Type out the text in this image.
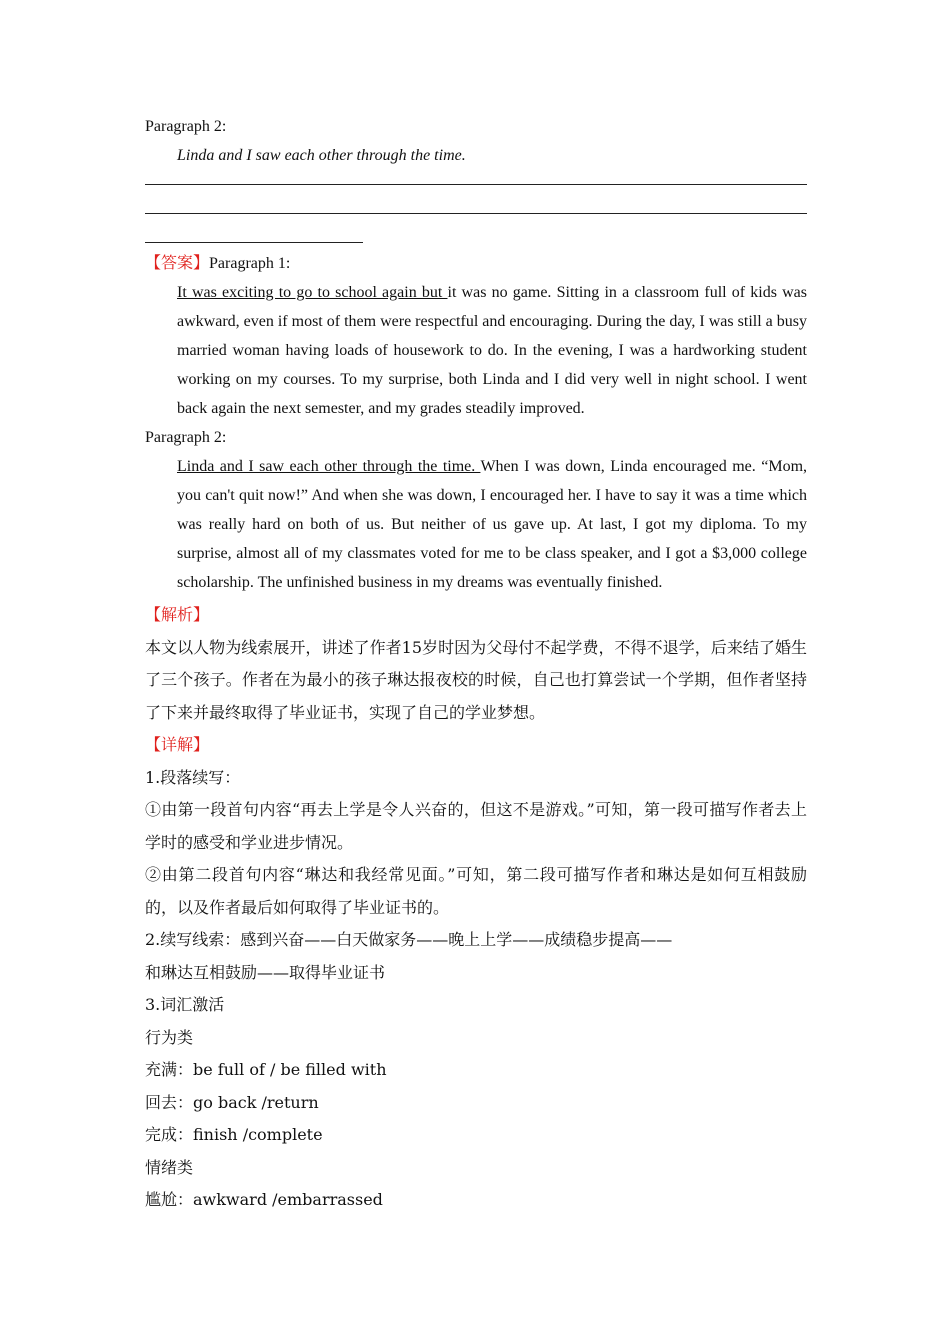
Paragraph 2:
Linda and I saw each other through the time.
【答案】Paragraph 1:
It was exciting to go to school again but it was no game. Sitting in a classroom full of kids was awkward, even if most of them were respectful and encouraging. During the day, I was still a busy married woman having loads of housework to do. In the evening, I was a hardworking student working on my courses. To my surprise, both Linda and I did very well in night school. I went back again the next semester, and my grades steadily improved.
Paragraph 2:
Linda and I saw each other through the time. When I was down, Linda encouraged me. “Mom, you can't quit now!” And when she was down, I encouraged her. I have to say it was a time which was really hard on both of us. But neither of us gave up. At last, I got my diploma. To my surprise, almost all of my classmates voted for me to be class speaker, and I got a $3,000 college scholarship. The unfinished business in my dreams was eventually finished.
【解析】
本文以人物为线索展开，讲述了作者15岁时因为父母付不起学费，不得不退学，后来结了婚生了三个孩子。作者在为最小的孩子琳达报夜校的时候，自己也打算尝试一个学期，但作者坚持了下来并最终取得了毕业证书，实现了自己的学业梦想。
【详解】
1.段落续写：
①由第一段首句内容“再去上学是令人兴奋的，但这不是游戏。”可知，第一段可描写作者去上学时的感受和学业进步情况。
②由第二段首句内容“琳达和我经常见面。”可知，第二段可描写作者和琳达是如何互相鼓励的，以及作者最后如何取得了毕业证书的。
2.续写线索：感到兴奋——白天做家务——晚上上学——成绩稳步提高——
和琳达互相鼓励——取得毕业证书
3.词汇激活
行为类
充满：be full of / be filled with
回去：go back /return
完成：finish /complete
情绪类
尴尬：awkward /embarrassed
